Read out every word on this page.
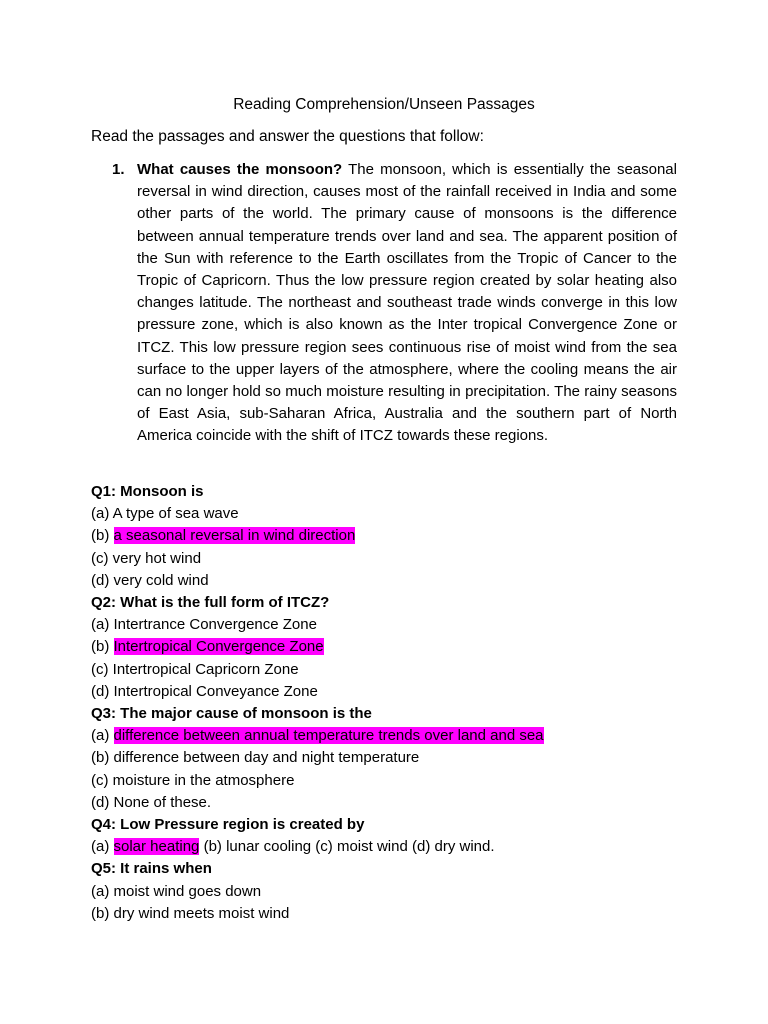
Reading Comprehension/Unseen Passages
Read the passages and answer the questions that follow:
1. What causes the monsoon? The monsoon, which is essentially the seasonal reversal in wind direction, causes most of the rainfall received in India and some other parts of the world. The primary cause of monsoons is the difference between annual temperature trends over land and sea. The apparent position of the Sun with reference to the Earth oscillates from the Tropic of Cancer to the Tropic of Capricorn. Thus the low pressure region created by solar heating also changes latitude. The northeast and southeast trade winds converge in this low pressure zone, which is also known as the Inter tropical Convergence Zone or ITCZ. This low pressure region sees continuous rise of moist wind from the sea surface to the upper layers of the atmosphere, where the cooling means the air can no longer hold so much moisture resulting in precipitation. The rainy seasons of East Asia, sub-Saharan Africa, Australia and the southern part of North America coincide with the shift of ITCZ towards these regions.
Q1: Monsoon is
(a) A type of sea wave
(b) a seasonal reversal in wind direction
(c) very hot wind
(d) very cold wind
Q2: What is the full form of ITCZ?
(a) Intertrance Convergence Zone
(b) Intertropical Convergence Zone
(c) Intertropical Capricorn Zone
(d) Intertropical Conveyance Zone
Q3: The major cause of monsoon is the
(a) difference between annual temperature trends over land and sea
(b) difference between day and night temperature
(c) moisture in the atmosphere
(d) None of these.
Q4: Low Pressure region is created by
(a) solar heating (b) lunar cooling (c) moist wind (d) dry wind.
Q5: It rains when
(a) moist wind goes down
(b) dry wind meets moist wind
